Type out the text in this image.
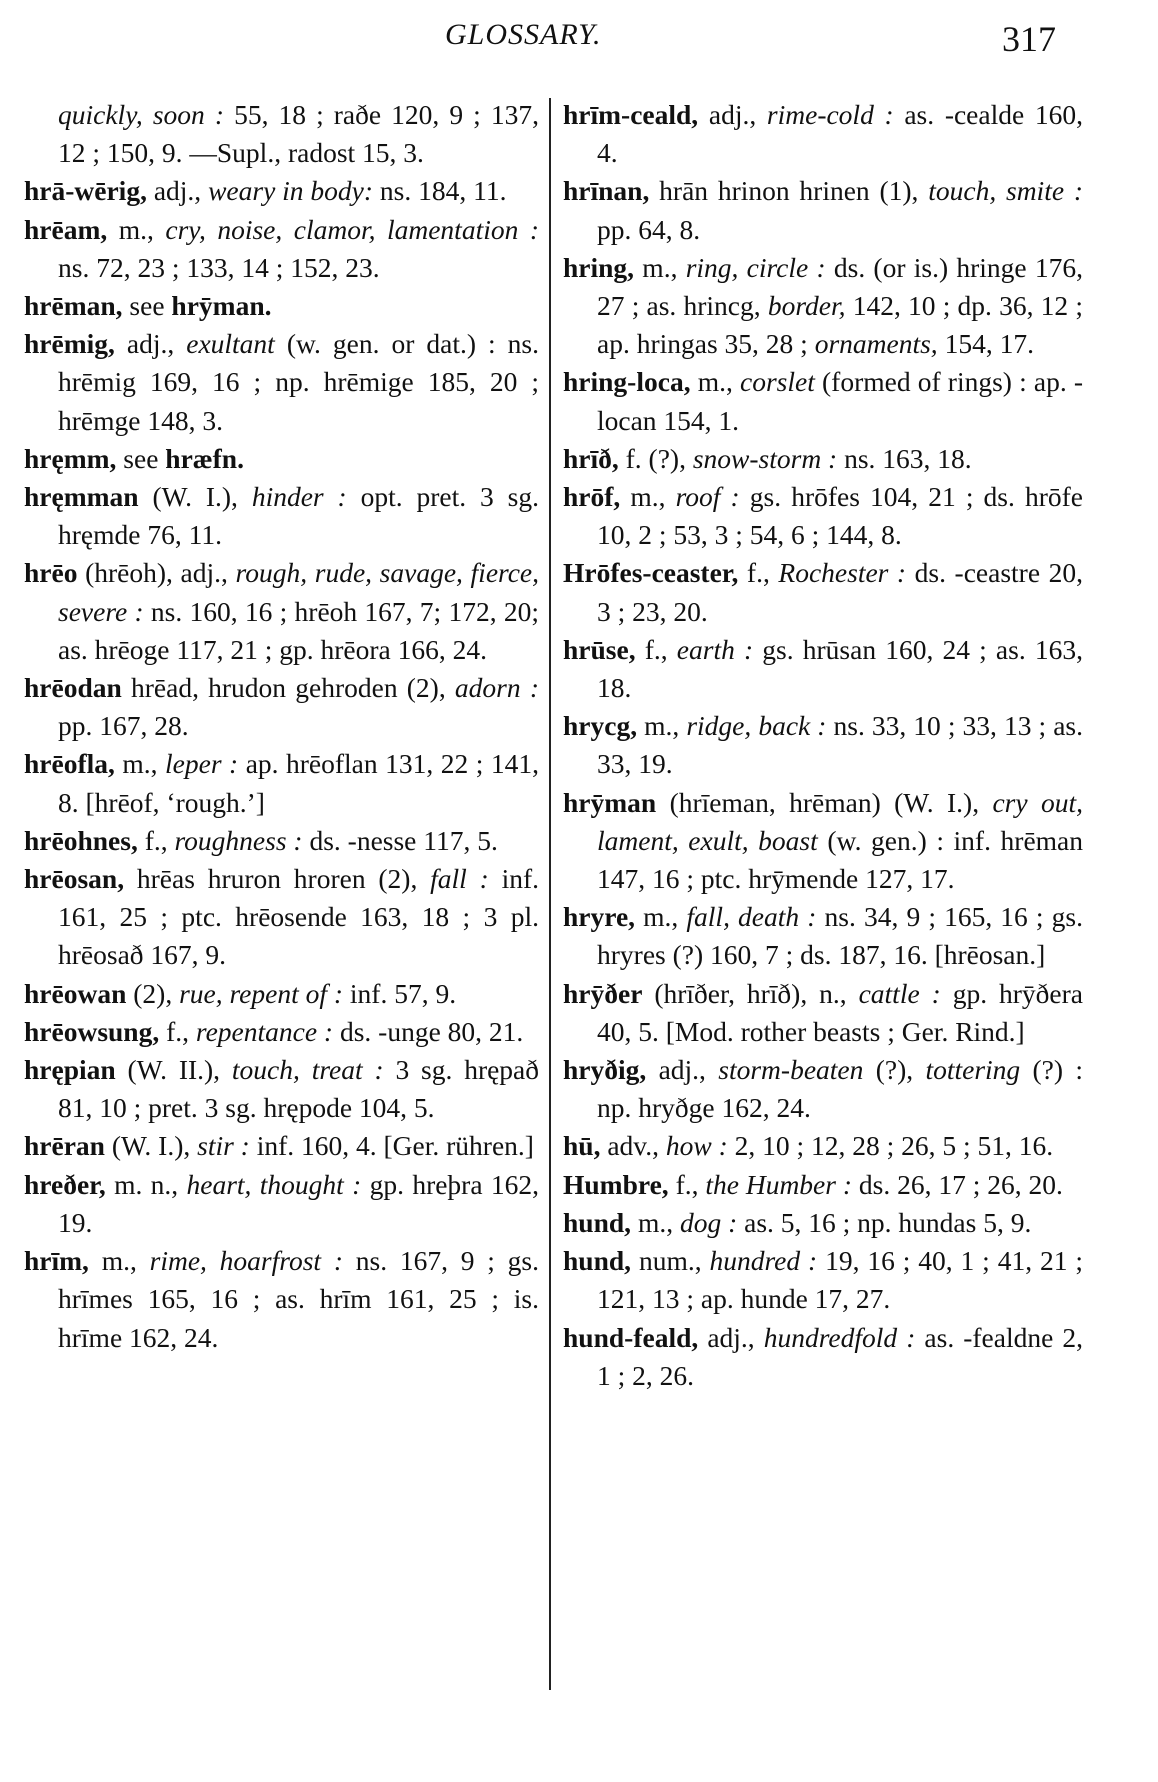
GLOSSARY.	317
quickly, soon : 55, 18 ; raðe 120, 9 ; 137, 12 ; 150, 9. —Supl., radost 15, 3.
hrā-wērig, adj., weary in body: ns. 184, 11.
hrēam, m., cry, noise, clamor, lamentation : ns. 72, 23 ; 133, 14 ; 152, 23.
hrēman, see hrȳman.
hrēmig, adj., exultant (w. gen. or dat.) : ns. hrēmig 169, 16 ; np. hrēmige 185, 20 ; hrēmge 148, 3.
hręmm, see hræfn.
hręmman (W. I.), hinder : opt. pret. 3 sg. hręmde 76, 11.
hrēo (hrēoh), adj., rough, rude, savage, fierce, severe : ns. 160, 16 ; hrēoh 167, 7; 172, 20; as. hrēoge 117, 21 ; gp. hrēora 166, 24.
hrēodan hrēad, hrudon gehroden (2), adorn : pp. 167, 28.
hrēofla, m., leper : ap. hrēoflan 131, 22 ; 141, 8. [hrēof, ‘rough.’]
hrēohnes, f., roughness : ds. -nesse 117, 5.
hrēosan, hrēas hruron hroren (2), fall : inf. 161, 25 ; ptc. hrēosende 163, 18 ; 3 pl. hrēosað 167, 9.
hrēowan (2), rue, repent of : inf. 57, 9.
hrēowsung, f., repentance : ds. -unge 80, 21.
hrępian (W. II.), touch, treat : 3 sg. hrępað 81, 10 ; pret. 3 sg. hrępode 104, 5.
hrēran (W. I.), stir : inf. 160, 4. [Ger. rühren.]
hreðer, m. n., heart, thought : gp. hreþra 162, 19.
hrīm, m., rime, hoarfrost : ns. 167, 9 ; gs. hrīmes 165, 16 ; as. hrīm 161, 25 ; is. hrīme 162, 24.
hrīm-ceald, adj., rime-cold : as. -cealde 160, 4.
hrīnan, hrān hrinon hrinen (1), touch, smite : pp. 64, 8.
hring, m., ring, circle : ds. (or is.) hringe 176, 27 ; as. hrinсg, border, 142, 10 ; dp. 36, 12 ; ap. hringas 35, 28 ; ornaments, 154, 17.
hring-loca, m., corslet (formed of rings) : ap. -locan 154, 1.
hrīð, f. (?), snow-storm : ns. 163, 18.
hrōf, m., roof : gs. hrōfes 104, 21 ; ds. hrōfe 10, 2 ; 53, 3 ; 54, 6 ; 144, 8.
Hrōfes-ceaster, f., Rochester : ds. -ceastre 20, 3 ; 23, 20.
hrūse, f., earth : gs. hrūsan 160, 24 ; as. 163, 18.
hrycg, m., ridge, back : ns. 33, 10 ; 33, 13 ; as. 33, 19.
hrȳman (hrīeman, hrēman) (W. I.), cry out, lament, exult, boast (w. gen.) : inf. hrēman 147, 16 ; ptc. hrȳmende 127, 17.
hryre, m., fall, death : ns. 34, 9 ; 165, 16 ; gs. hryres (?) 160, 7 ; ds. 187, 16. [hrēosan.]
hrȳðer (hrīðer, hrīð), n., cattle : gp. hrȳðera 40, 5. [Mod. rother beasts ; Ger. Rind.]
hryðig, adj., storm-beaten (?), tottering (?) : np. hryðge 162, 24.
hū, adv., how : 2, 10 ; 12, 28 ; 26, 5 ; 51, 16.
Humbre, f., the Humber : ds. 26, 17 ; 26, 20.
hund, m., dog : as. 5, 16 ; np. hundas 5, 9.
hund, num., hundred : 19, 16 ; 40, 1 ; 41, 21 ; 121, 13 ; ap. hunde 17, 27.
hund-feald, adj., hundredfold : as. -fealdne 2, 1 ; 2, 26.
